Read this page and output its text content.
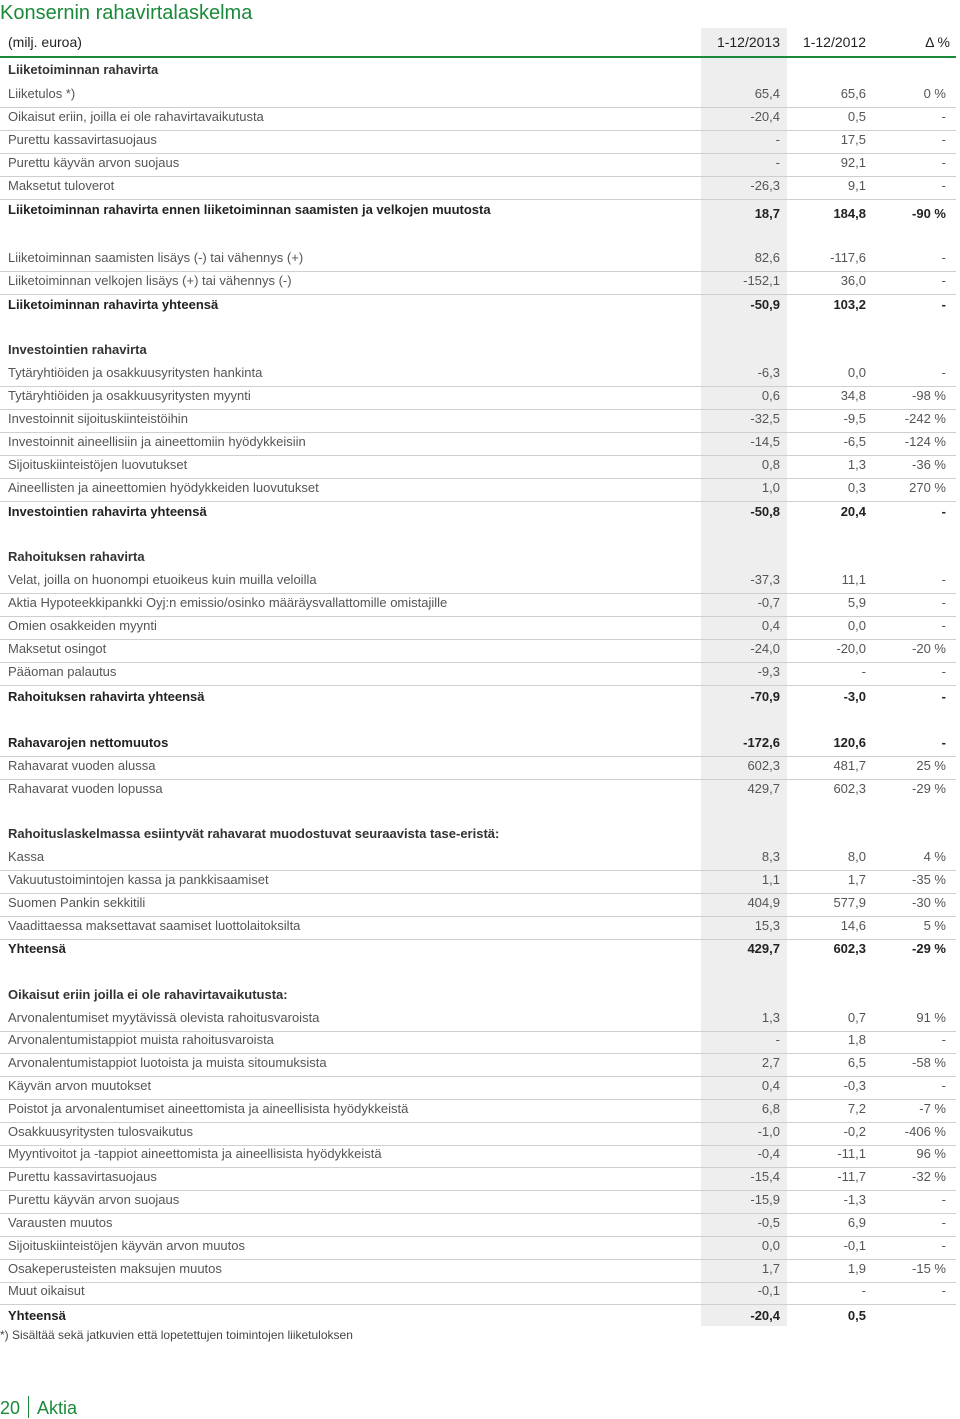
Konsernin rahavirtalaskelma
(milj. euroa)	1-12/2013 1-12/2012	Δ %
Liiketoiminnan rahavirta
Liiketulos *)	65,4	65,6	0 %
Oikaisut eriin, joilla ei ole rahavirtavaikutusta	-20,4	0,5	-
Purettu kassavirtasuojaus	-	17,5	-
Purettu käyvän arvon suojaus	-	92,1	-
Maksetut tuloverot	-26,3	9,1	-
Liiketoiminnan rahavirta ennen liiketoiminnan saamisten ja velkojen muutosta	18,7	184,8	-90 %
Liiketoiminnan saamisten lisäys (-) tai vähennys (+)	82,6	-117,6	-
Liiketoiminnan velkojen lisäys (+) tai vähennys (-)	-152,1	36,0	-
Liiketoiminnan rahavirta yhteensä	-50,9	103,2	-
Investointien rahavirta
Tytäryhtiöiden ja osakkuusyritysten hankinta	-6,3	0,0	-
Tytäryhtiöiden ja osakkuusyritysten myynti	0,6	34,8	-98 %
Investoinnit sijoituskiinteistöihin	-32,5	-9,5	-242 %
Investoinnit aineellisiin ja aineettomiin hyödykkeisiin	-14,5	-6,5	-124 %
Sijoituskiinteistöjen luovutukset	0,8	1,3	-36 %
Aineellisten ja aineettomien hyödykkeiden luovutukset	1,0	0,3	270 %
Investointien rahavirta yhteensä	-50,8	20,4	-
Rahoituksen rahavirta
Velat, joilla on huonompi etuoikeus kuin muilla veloilla	-37,3	11,1	-
Aktia Hypoteekkipankki Oyj:n emissio/osinko määräysvallattomille omistajille	-0,7	5,9	-
Omien osakkeiden myynti	0,4	0,0	-
Maksetut osingot	-24,0	-20,0	-20 %
Pääoman palautus	-9,3	-	-
Rahoituksen rahavirta yhteensä	-70,9	-3,0	-
Rahavarojen nettomuutos	-172,6	120,6	-
Rahavarat vuoden alussa	602,3	481,7	25 %
Rahavarat vuoden lopussa	429,7	602,3	-29 %
Rahoituslaskelmassa esiintyvät rahavarat muodostuvat seuraavista tase-eristä:
Kassa	8,3	8,0	4 %
Vakuutustoimintojen kassa ja pankkisaamiset	1,1	1,7	-35 %
Suomen Pankin sekkitili	404,9	577,9	-30 %
Vaadittaessa maksettavat saamiset luottolaitoksilta	15,3	14,6	5 %
Yhteensä	429,7	602,3	-29 %
Oikaisut eriin joilla ei ole rahavirtavaikutusta:
Arvonalentumiset myytävissä olevista rahoitusvaroista	1,3	0,7	91 %
Arvonalentumistappiot muista rahoitusvaroista	-	1,8	-
Arvonalentumistappiot luotoista ja muista sitoumuksista	2,7	6,5	-58 %
Käyvän arvon muutokset	0,4	-0,3	-
Poistot ja arvonalentumiset aineettomista ja aineellisista hyödykkeistä	6,8	7,2	-7 %
Osakkuusyritysten tulosvaikutus	-1,0	-0,2	-406 %
Myyntivoitot ja -tappiot aineettomista ja aineellisista hyödykkeistä	-0,4	-11,1	96 %
Purettu kassavirtasuojaus	-15,4	-11,7	-32 %
Purettu käyvän arvon suojaus	-15,9	-1,3	-
Varausten muutos	-0,5	6,9	-
Sijoituskiinteistöjen käyvän arvon muutos	0,0	-0,1	-
Osakeperusteisten maksujen muutos	1,7	1,9	-15 %
Muut oikaisut	-0,1	-	-
Yhteensä	-20,4	0,5
*) Sisältää sekä jatkuvien että lopetettujen toimintojen liiketuloksen
20 Aktia
